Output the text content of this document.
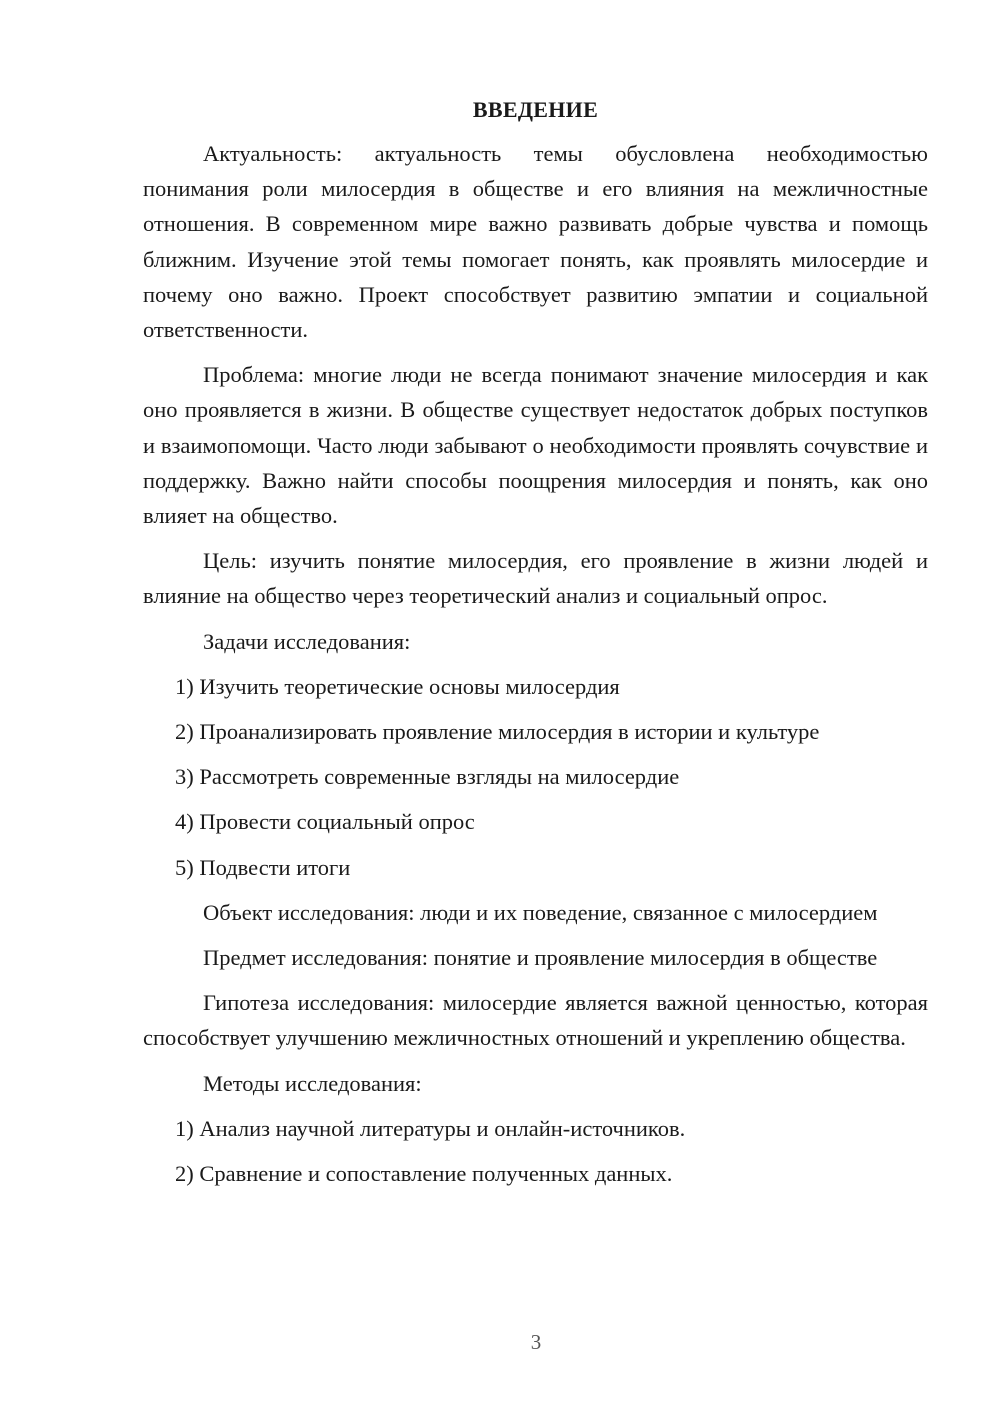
ВВЕДЕНИЕ

Актуальность: актуальность темы обусловлена необходимостью понимания роли милосердия в обществе и его влияния на межличностные отношения. В современном мире важно развивать добрые чувства и помощь ближним. Изучение этой темы помогает понять, как проявлять милосердие и почему оно важно. Проект способствует развитию эмпатии и социальной ответственности.

Проблема: многие люди не всегда понимают значение милосердия и как оно проявляется в жизни. В обществе существует недостаток добрых поступков и взаимопомощи. Часто люди забывают о необходимости проявлять сочувствие и поддержку. Важно найти способы поощрения милосердия и понять, как оно влияет на общество.

Цель: изучить понятие милосердия, его проявление в жизни людей и влияние на общество через теоретический анализ и социальный опрос.

Задачи исследования:
1) Изучить теоретические основы милосердия
2) Проанализировать проявление милосердия в истории и культуре
3) Рассмотреть современные взгляды на милосердие
4) Провести социальный опрос
5) Подвести итоги

Объект исследования: люди и их поведение, связанное с милосердием

Предмет исследования: понятие и проявление милосердия в обществе

Гипотеза исследования: милосердие является важной ценностью, которая способствует улучшению межличностных отношений и укреплению общества.

Методы исследования:
1) Анализ научной литературы и онлайн-источников.
2) Сравнение и сопоставление полученных данных.
3
